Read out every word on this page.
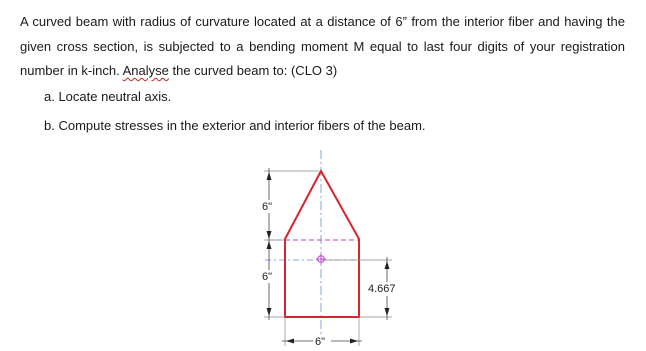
A curved beam with radius of curvature located at a distance of 6” from the interior fiber and having the given cross section, is subjected to a bending moment M equal to last four digits of your registration number in k-inch. Analyse the curved beam to: (CLO 3)
a. Locate neutral axis.
b. Compute stresses in the exterior and interior fibers of the beam.
6"
6"
4.667
6"
